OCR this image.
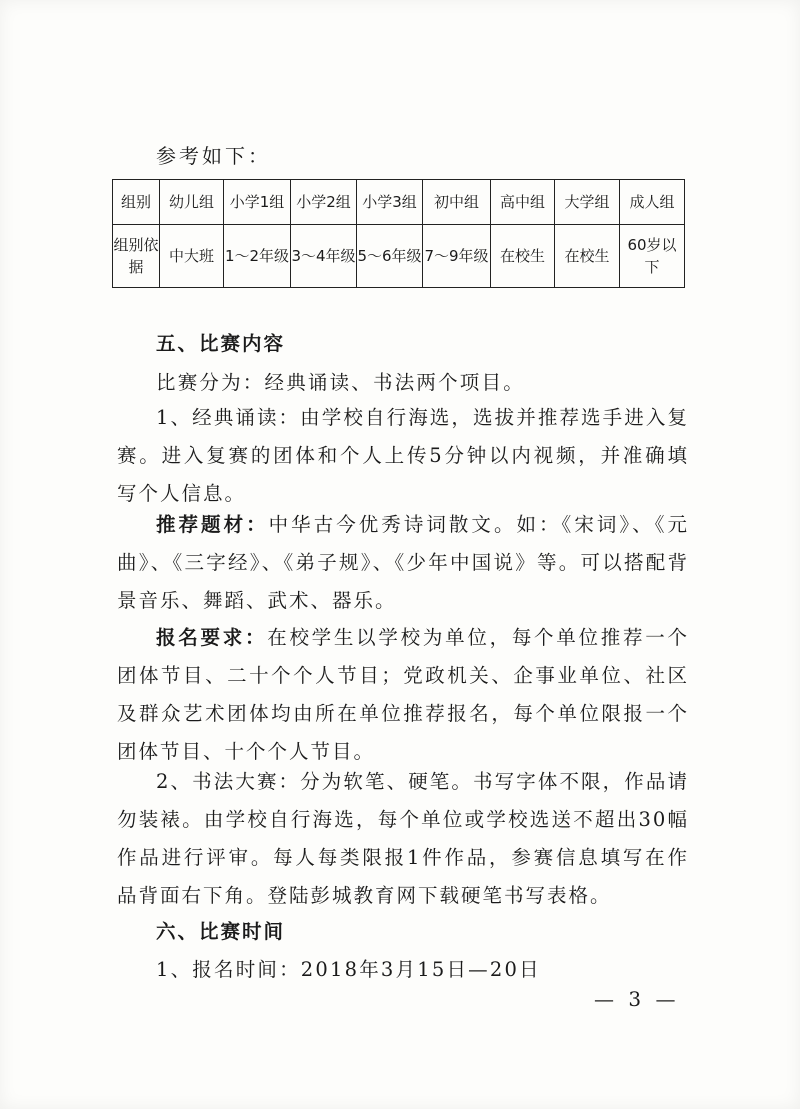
参考如下：
组别	幼儿组	小学1组	小学2组	小学3组	初中组	高中组	大学组	成人组
组别依据	中大班	1～2年级	3～4年级	5～6年级	7～9年级	在校生	在校生	60岁以下
五、比赛内容
比赛分为：经典诵读、书法两个项目。
1、经典诵读：由学校自行海选，选拔并推荐选手进入复赛。进入复赛的团体和个人上传5分钟以内视频，并准确填写个人信息。
推荐题材：中华古今优秀诗词散文。如：《宋词》、《元曲》、《三字经》、《弟子规》、《少年中国说》等。可以搭配背景音乐、舞蹈、武术、器乐。
报名要求：在校学生以学校为单位，每个单位推荐一个团体节目、二十个个人节目；党政机关、企事业单位、社区及群众艺术团体均由所在单位推荐报名，每个单位限报一个团体节目、十个个人节目。
2、书法大赛：分为软笔、硬笔。书写字体不限，作品请勿装裱。由学校自行海选，每个单位或学校选送不超出30幅作品进行评审。每人每类限报1件作品，参赛信息填写在作品背面右下角。登陆彭城教育网下载硬笔书写表格。
六、比赛时间
1、报名时间：2018年3月15日—20日
— 3 —
